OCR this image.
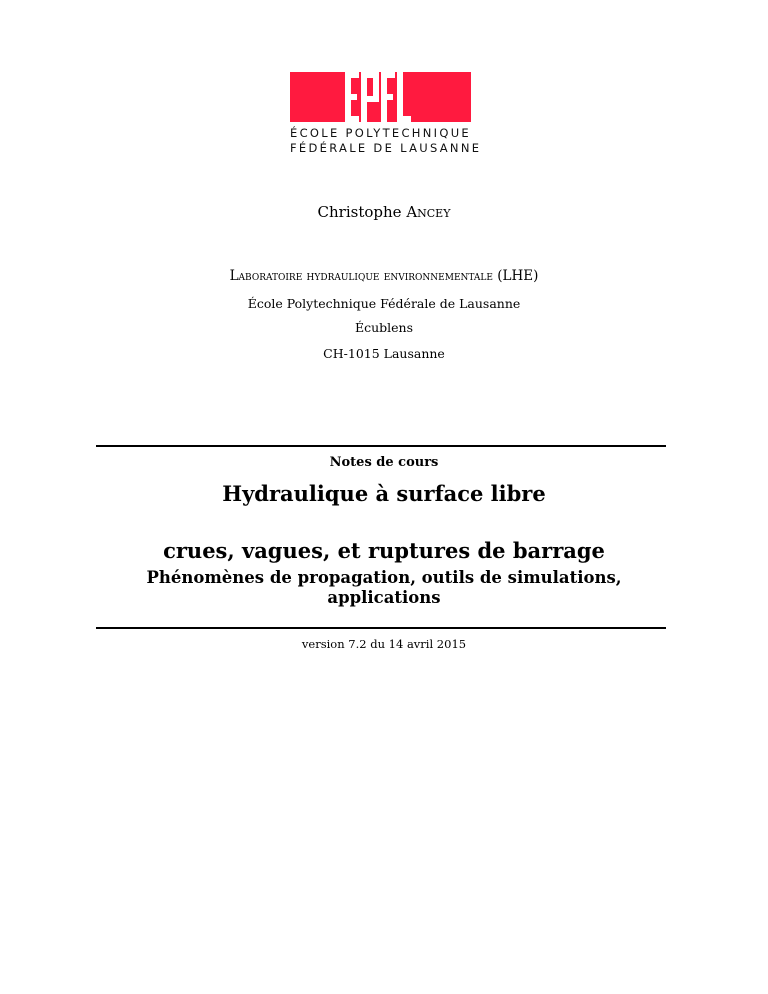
ÉCOLE POLYTECHNIQUE
FÉDÉRALE DE LAUSANNE
Christophe Ancey
Laboratoire hydraulique environnementale (LHE)
École Polytechnique Fédérale de Lausanne
Écublens
CH-1015 Lausanne
Notes de cours
Hydraulique à surface libre
crues, vagues, et ruptures de barrage
Phénomènes de propagation, outils de simulations,
applications
version 7.2 du 14 avril 2015
